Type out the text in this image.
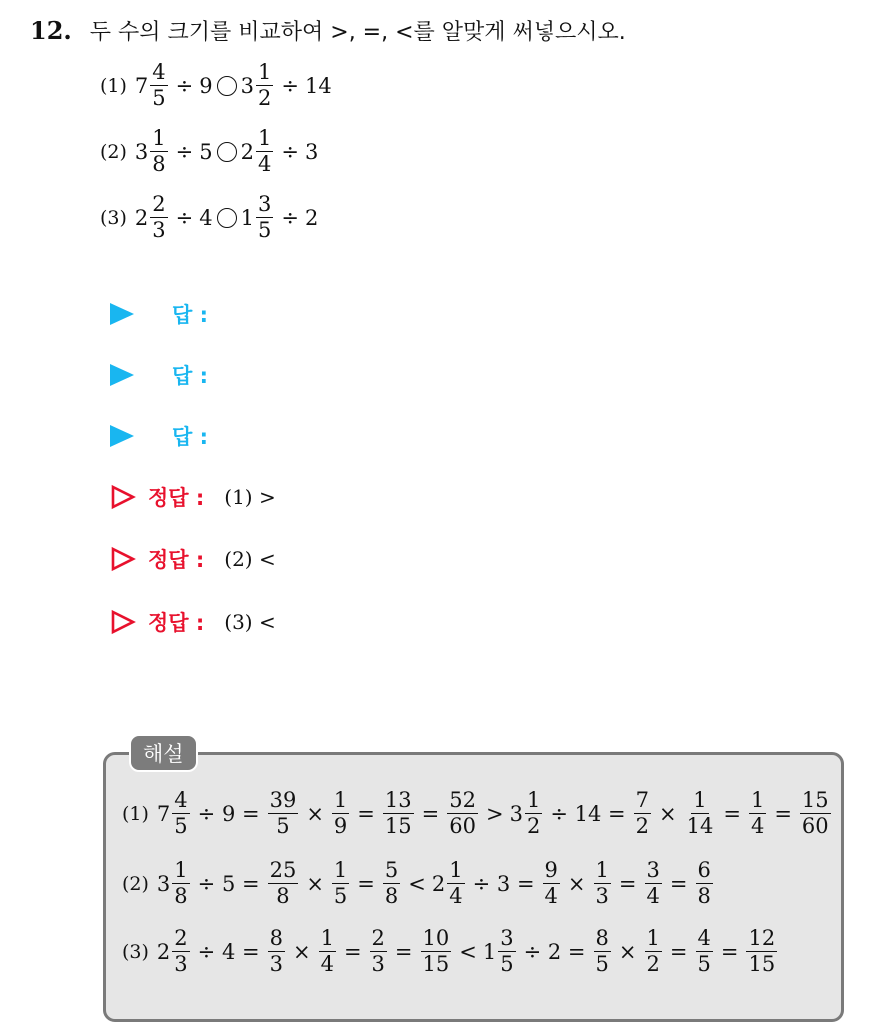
12. 두 수의 크기를 비교하여 >, =, <를 알맞게 써넣으시오.
(1) $7 \frac{4}{5} \div 9$ $3 \frac{1}{2} \div 14$
(2) $3 \frac{1}{8} \div 5$ $2 \frac{1}{4} \div 3$
(3) $2 \frac{2}{3} \div 4$ $1 \frac{3}{5} \div 2$
답 :
답 :
답 :
정답 : (1) >
정답 : (2) <
정답 : (3) <
해설
(1) $7 \frac{4}{5} \div 9 = \frac{39}{5} \times \frac{1}{9} = \frac{13}{15} = \frac{52}{60} > 3 \frac{1}{2} \div 14 = \frac{7}{2} \times \frac{1}{14} = \frac{1}{4} = \frac{15}{60}$
(2) $3 \frac{1}{8} \div 5 = \frac{25}{8} \times \frac{1}{5} = \frac{5}{8} < 2 \frac{1}{4} \div 3 = \frac{9}{4} \times \frac{1}{3} = \frac{3}{4} = \frac{6}{8}$
(3) $2 \frac{2}{3} \div 4 = \frac{8}{3} \times \frac{1}{4} = \frac{2}{3} = \frac{10}{15} < 1 \frac{3}{5} \div 2 = \frac{8}{5} \times \frac{1}{2} = \frac{4}{5} = \frac{12}{15}$
